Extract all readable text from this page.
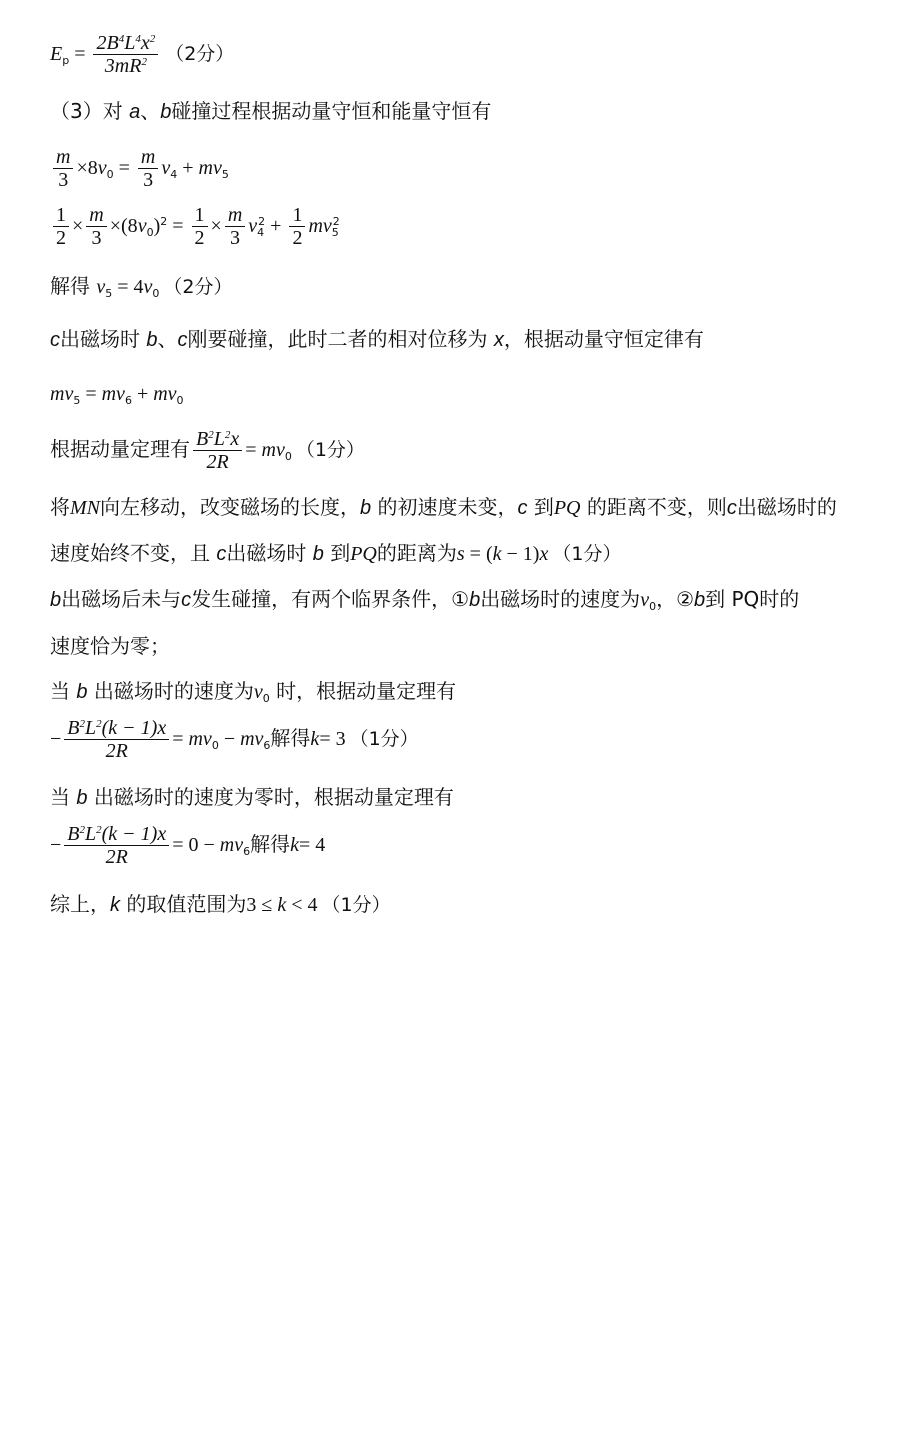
$E_p = \frac{2B^4L^4x^2}{3mR^2} (2$分）
（3）对 a、b碰撞过程根据动量守恒和能量守恒有
$\frac{m}{3} \times 8v_0 = \frac{m}{3} v_4 + mv_5$
$\frac{1}{2} \times \frac{m}{3} \times(8v_0)^2 = \frac{1}{2} \times \frac{m}{3} v_4^2 + \frac{1}{2} mv_5^2$
解得 $v_5 = 4v_0$ （2分）
c出磁场时 b、c刚要碰撞，此时二者的相对位移为 x，根据动量守恒定律有
$mv_5 = mv_6 + mv_0$
根据动量定理有 $\frac{B^2L^2x}{2R} = mv_0$ （1分）
将MN向左移动，改变磁场的长度，b 的初速度未变，c 到PQ 的距离不变，则c出磁场时的
速度始终不变，且 c出磁场时 b 到PQ的距离为s = (k − 1)x （1分）
b出磁场后未与c发生碰撞，有两个临界条件，①b出磁场时的速度为$v_0$，②b到 PQ时的
速度恰为零；
当 b 出磁场时的速度为$v_0$ 时，根据动量定理有
− $\frac{B^2L^2(k - 1)x}{2R} = mv_0 - mv_6$解得k= 3 （1分）
当 b 出磁场时的速度为零时，根据动量定理有
− $\frac{B^2L^2(k - 1)x}{2R} = 0 - mv_6$解得k= 4
综上，k 的取值范围为3 ≤ k < 4 （1分）
